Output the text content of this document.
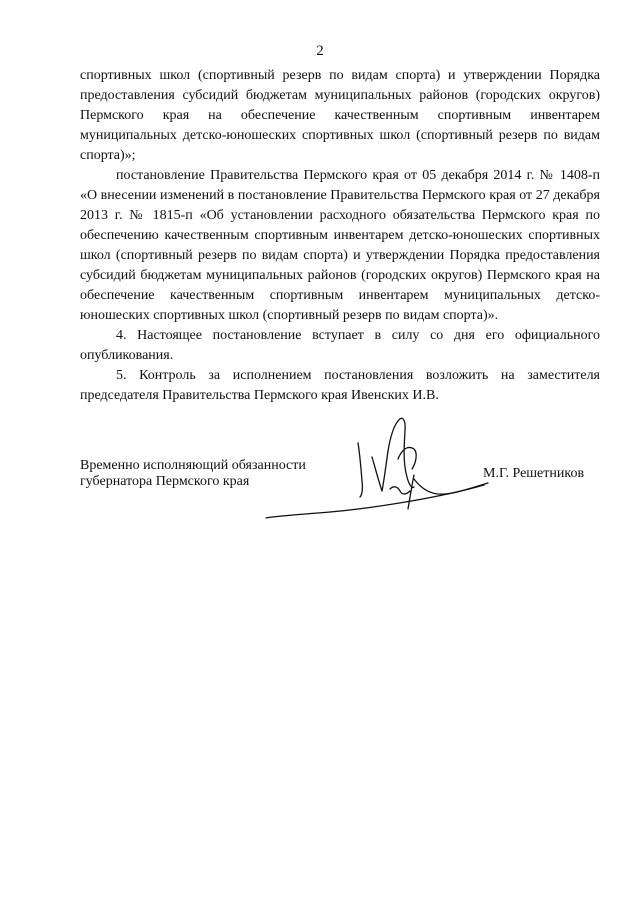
2

спортивных школ (спортивный резерв по видам спорта) и утверждении Порядка предоставления субсидий бюджетам муниципальных районов (городских округов) Пермского края на обеспечение качественным спортивным инвентарем муниципальных детско-юношеских спортивных школ (спортивный резерв по видам спорта)»;

постановление Правительства Пермского края от 05 декабря 2014 г. № 1408-п «О внесении изменений в постановление Правительства Пермского края от 27 декабря 2013 г. № 1815-п «Об установлении расходного обязательства Пермского края по обеспечению качественным спортивным инвентарем детско-юношеских спортивных школ (спортивный резерв по видам спорта) и утверждении Порядка предоставления субсидий бюджетам муниципальных районов (городских округов) Пермского края на обеспечение качественным спортивным инвентарем муниципальных детско-юношеских спортивных школ (спортивный резерв по видам спорта)».

4. Настоящее постановление вступает в силу со дня его официального опубликования.

5. Контроль за исполнением постановления возложить на заместителя председателя Правительства Пермского края Ивенских И.В.

Временно исполняющий обязанности
губернатора Пермского края
М.Г. Решетников
